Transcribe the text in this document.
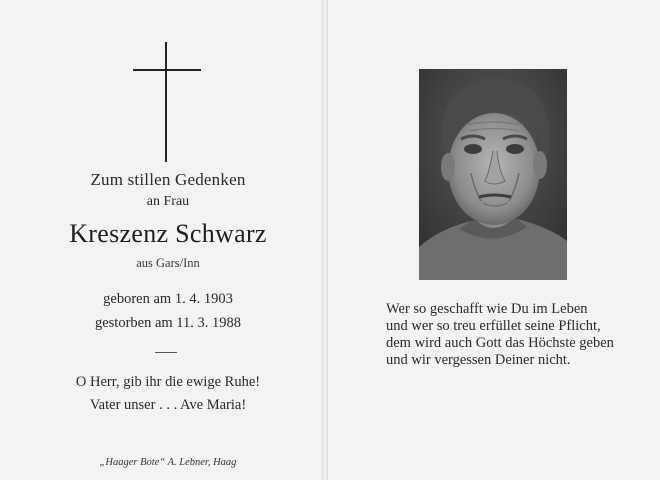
Zum stillen Gedenken
an Frau
Kreszenz Schwarz
aus Gars/Inn
geboren am 1. 4. 1903
gestorben am 11. 3. 1988
O Herr, gib ihr die ewige Ruhe!
Vater unser . . . Ave Maria!
„Haager Bote“ A. Lebner, Haag
Wer so geschafft wie Du im Leben
und wer so treu erfüllet seine Pflicht,
dem wird auch Gott das Höchste geben
und wir vergessen Deiner nicht.
